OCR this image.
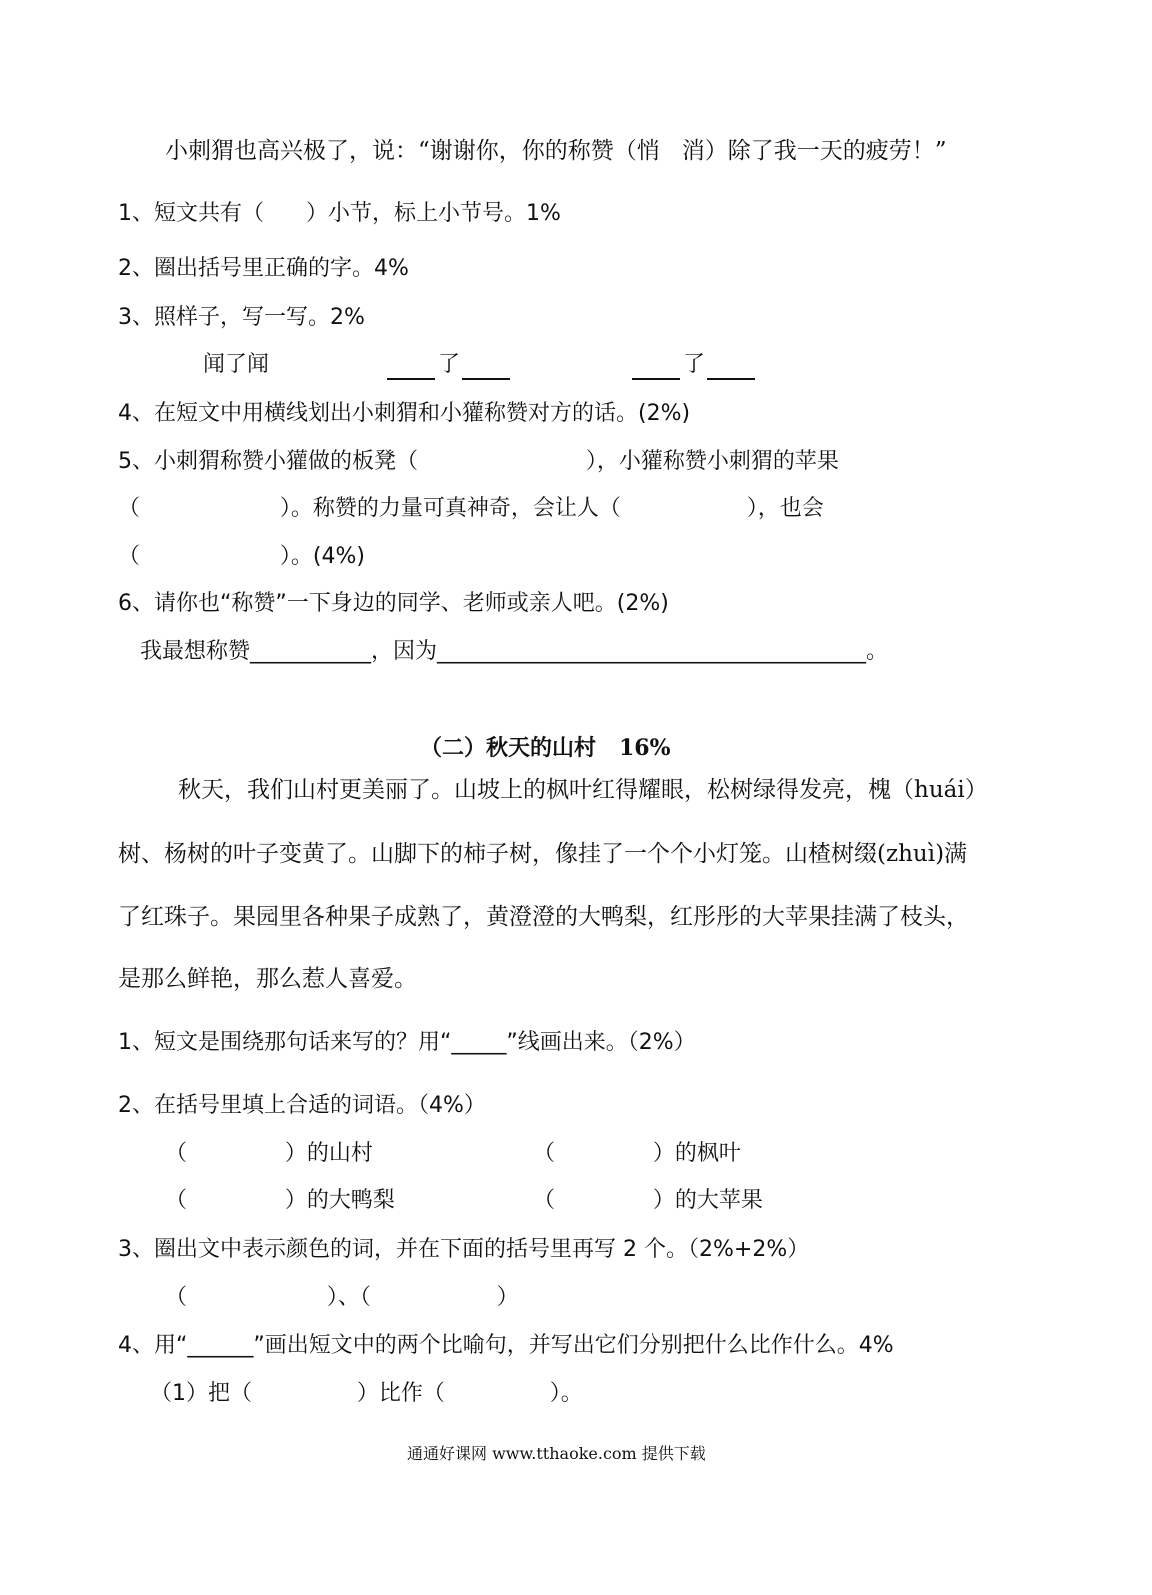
小刺猬也高兴极了，说：“谢谢你，你的称赞（悄   消）除了我一天的疲劳！”
1、短文共有（      ）小节，标上小节号。1%
2、圈出括号里正确的字。4%
3、照样子，写一写。2%
闻了闻	了	了
4、在短文中用横线划出小刺猬和小獾称赞对方的话。(2%)
5、小刺猬称赞小獾做的板凳（                        ），小獾称赞小刺猬的苹果
（                    ）。称赞的力量可真神奇，会让人（                  ），也会
（                    ）。(4%)
6、请你也“称赞”一下身边的同学、老师或亲人吧。(2%)
我最想称赞___________，因为_______________________________________。
（二）秋天的山村   16%
秋天，我们山村更美丽了。山坡上的枫叶红得耀眼，松树绿得发亮，槐（huái）
树、杨树的叶子变黄了。山脚下的柿子树，像挂了一个个小灯笼。山楂树缀(zhuì)满
了红珠子。果园里各种果子成熟了，黄澄澄的大鸭梨，红彤彤的大苹果挂满了枝头，
是那么鲜艳，那么惹人喜爱。
1、短文是围绕那句话来写的？用“_____”线画出来。（2%）
2、在括号里填上合适的词语。（4%）
（              ）的山村	（              ）的枫叶
（              ）的大鸭梨	（              ）的大苹果
3、圈出文中表示颜色的词，并在下面的括号里再写 2 个。（2%+2%）
（                    ）、（                  ）
4、用“______”画出短文中的两个比喻句，并写出它们分别把什么比作什么。4%
（1）把（               ）比作（               ）。
通通好课网 www.tthaoke.com 提供下载
